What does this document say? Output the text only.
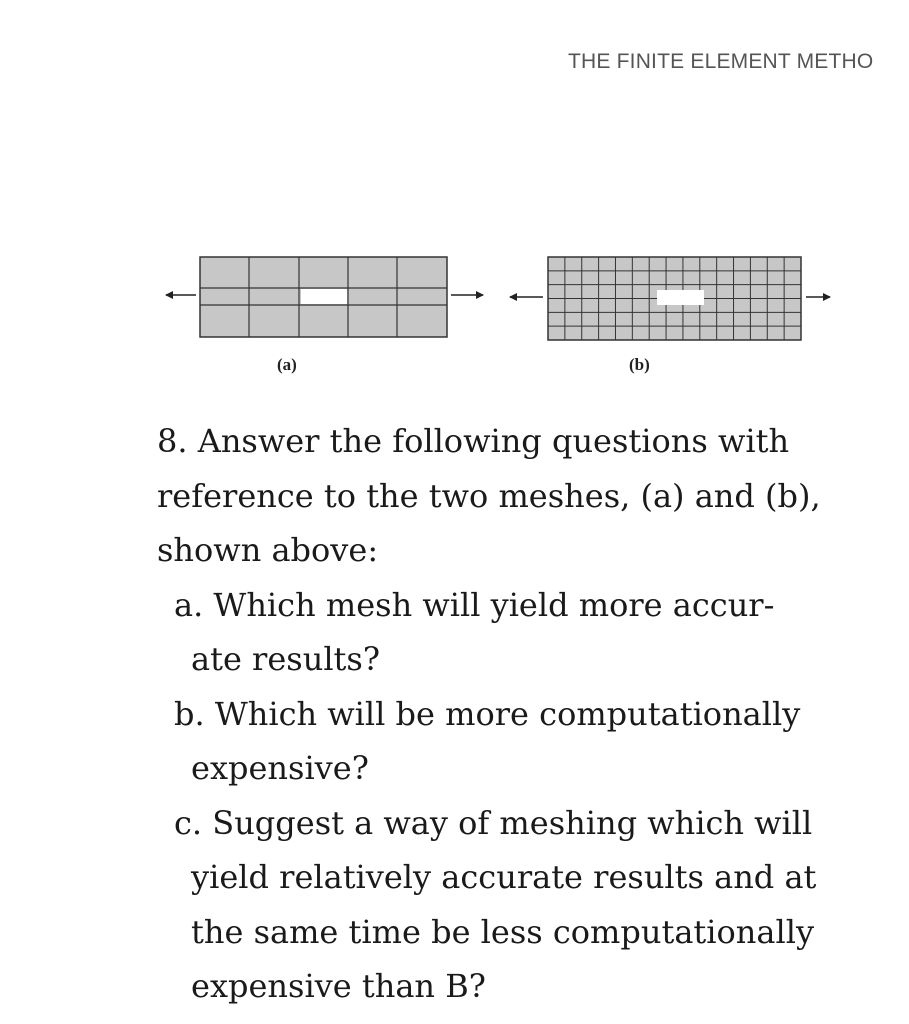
THE FINITE ELEMENT METHO
(a)	(b)
8. Answer the following questions with
reference to the two meshes, (a) and (b),
shown above:
a. Which mesh will yield more accur-
ate results?
b. Which will be more computationally
expensive?
c. Suggest a way of meshing which will
yield relatively accurate results and at
the same time be less computationally
expensive than B?
